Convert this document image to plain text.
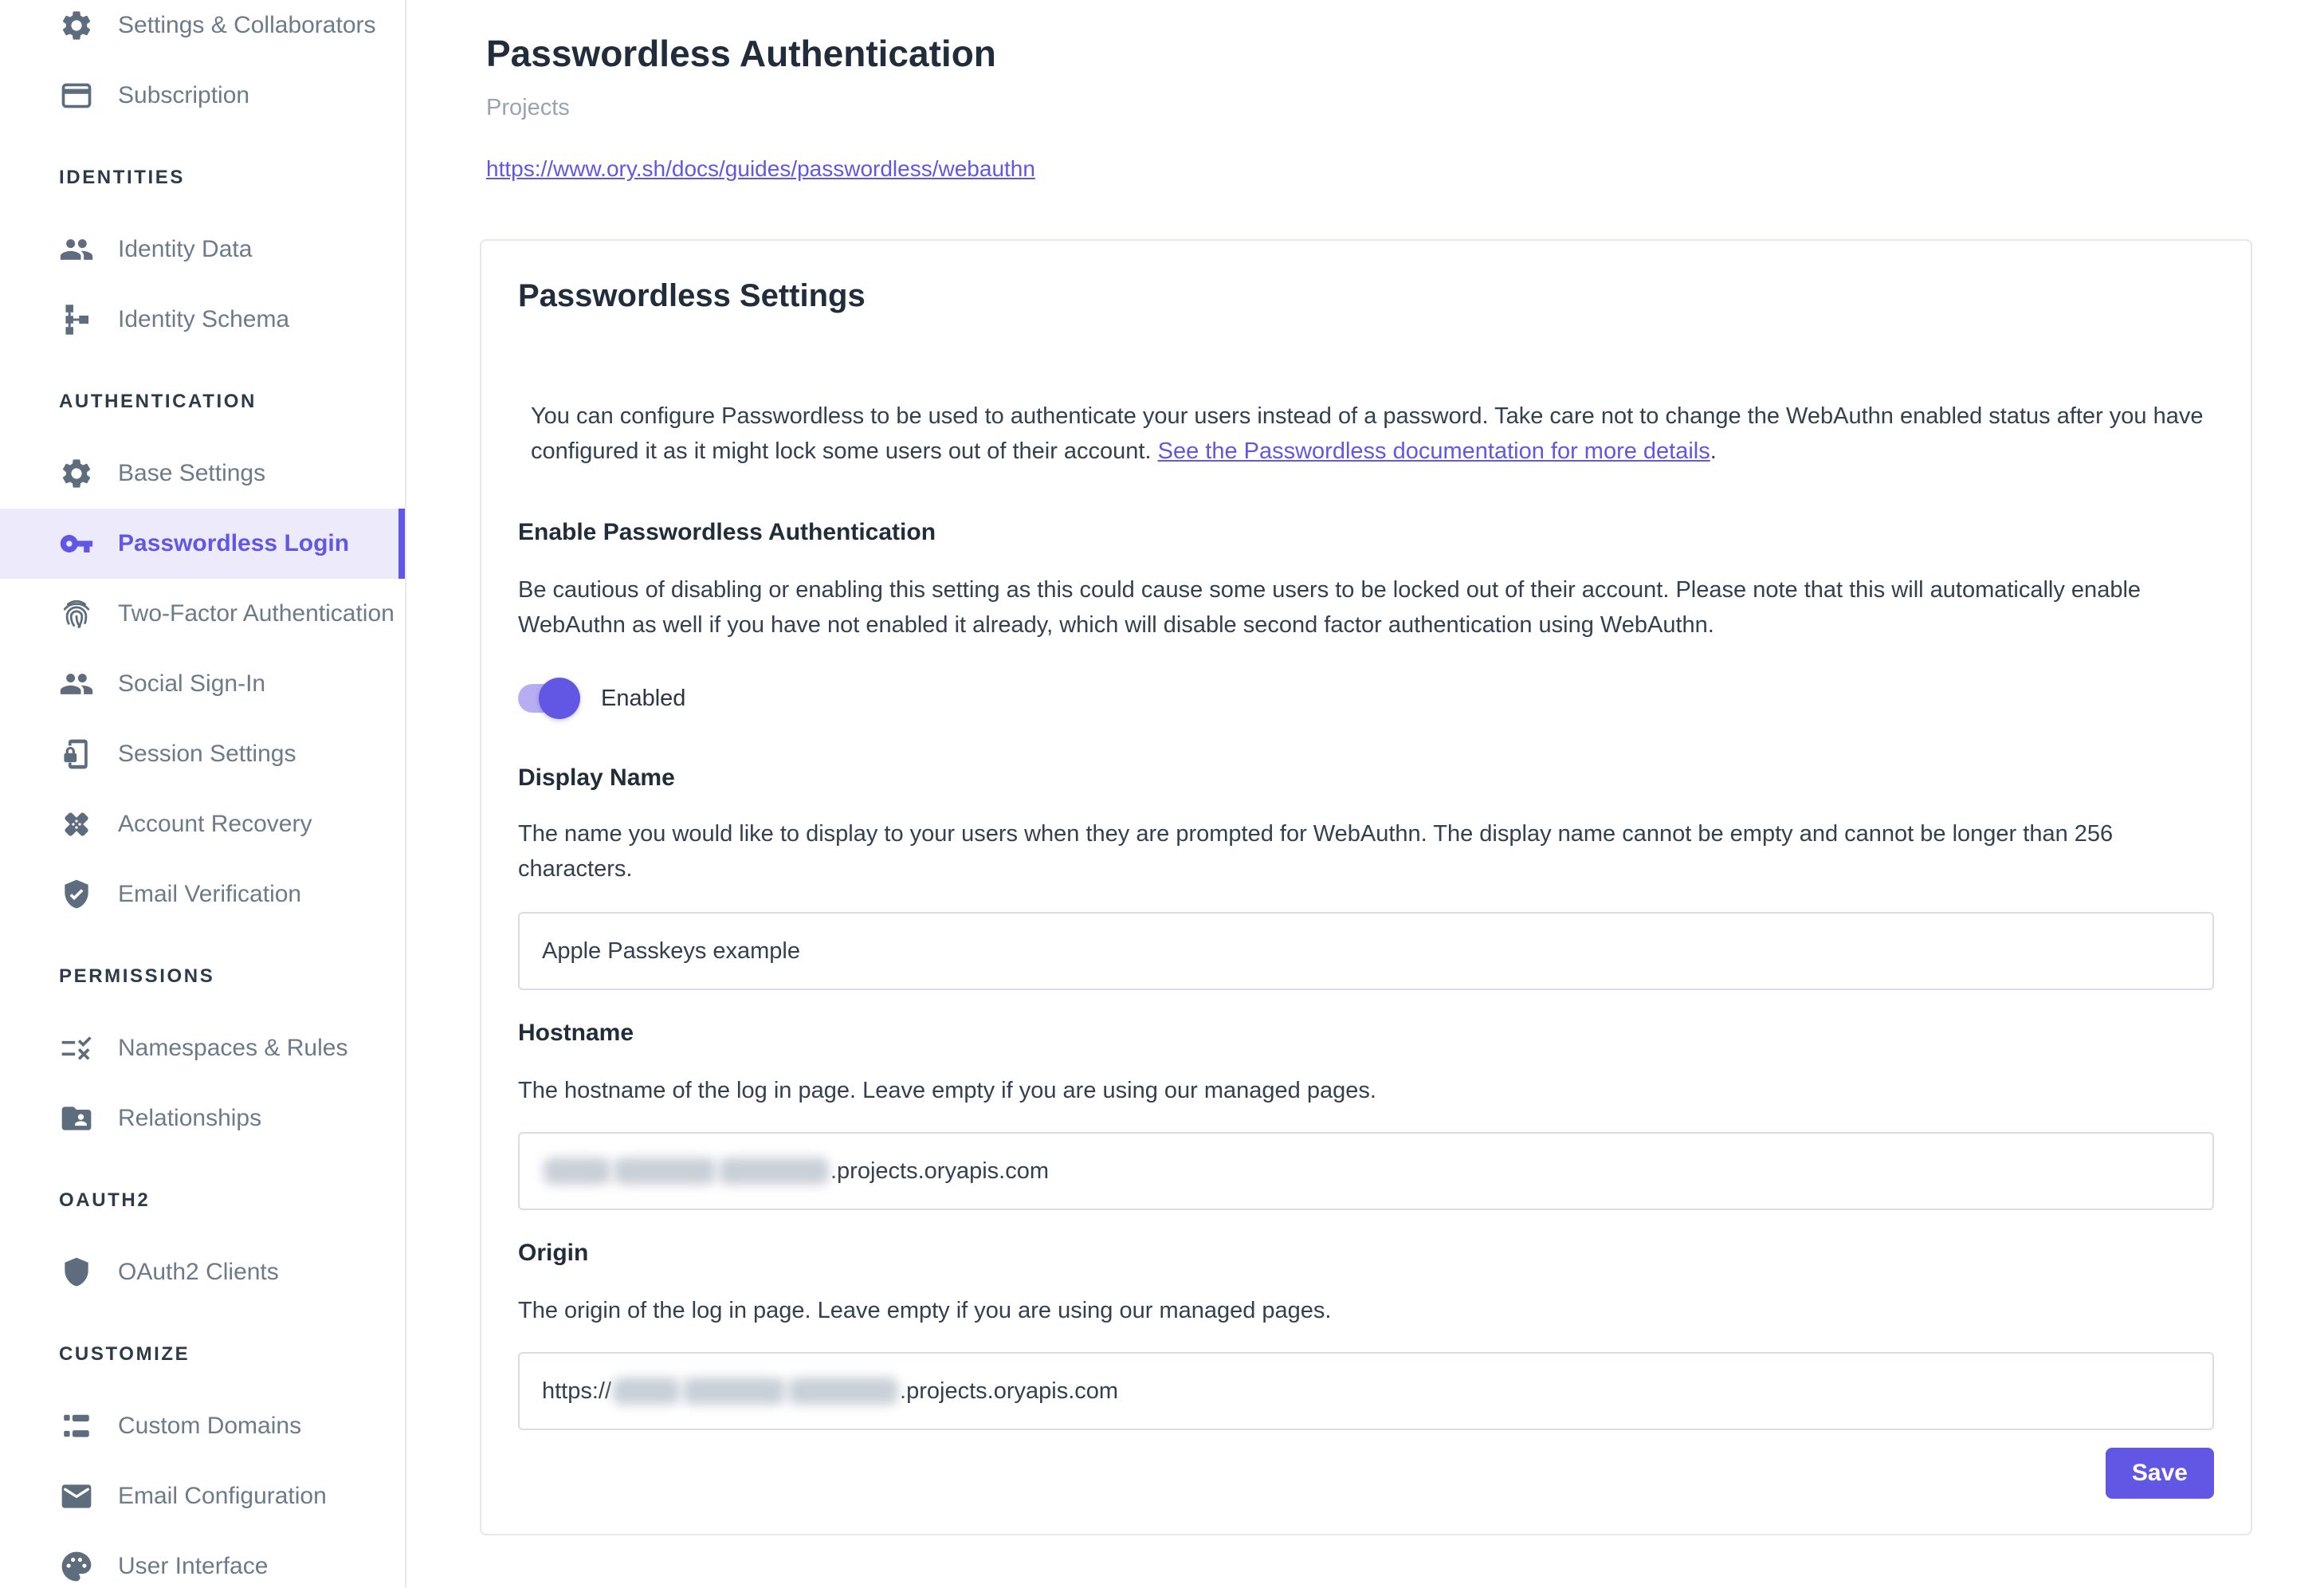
Settings & Collaborators
Subscription
IDENTITIES
Identity Data
Identity Schema
AUTHENTICATION
Base Settings
Passwordless Login
Two-Factor Authentication
Social Sign-In
Session Settings
Account Recovery
Email Verification
PERMISSIONS
Namespaces & Rules
Relationships
OAUTH2
OAuth2 Clients
CUSTOMIZE
Custom Domains
Email Configuration
User Interface
Passwordless Authentication
Projects
https://www.ory.sh/docs/guides/passwordless/webauthn
Passwordless Settings

You can configure Passwordless to be used to authenticate your users instead of a password. Take care not to change the WebAuthn enabled status after you have configured it as it might lock some users out of their account. See the Passwordless documentation for more details.

Enable Passwordless Authentication

Be cautious of disabling or enabling this setting as this could cause some users to be locked out of their account. Please note that this will automatically enable WebAuthn as well if you have not enabled it already, which will disable second factor authentication using WebAuthn.

Enabled
Display Name

The name you would like to display to your users when they are prompted for WebAuthn. The display name cannot be empty and cannot be longer than 256 characters.

Apple Passkeys example
Hostname

The hostname of the log in page. Leave empty if you are using our managed pages.

.projects.oryapis.com
Origin

The origin of the log in page. Leave empty if you are using our managed pages.

https://	.projects.oryapis.com
Save
